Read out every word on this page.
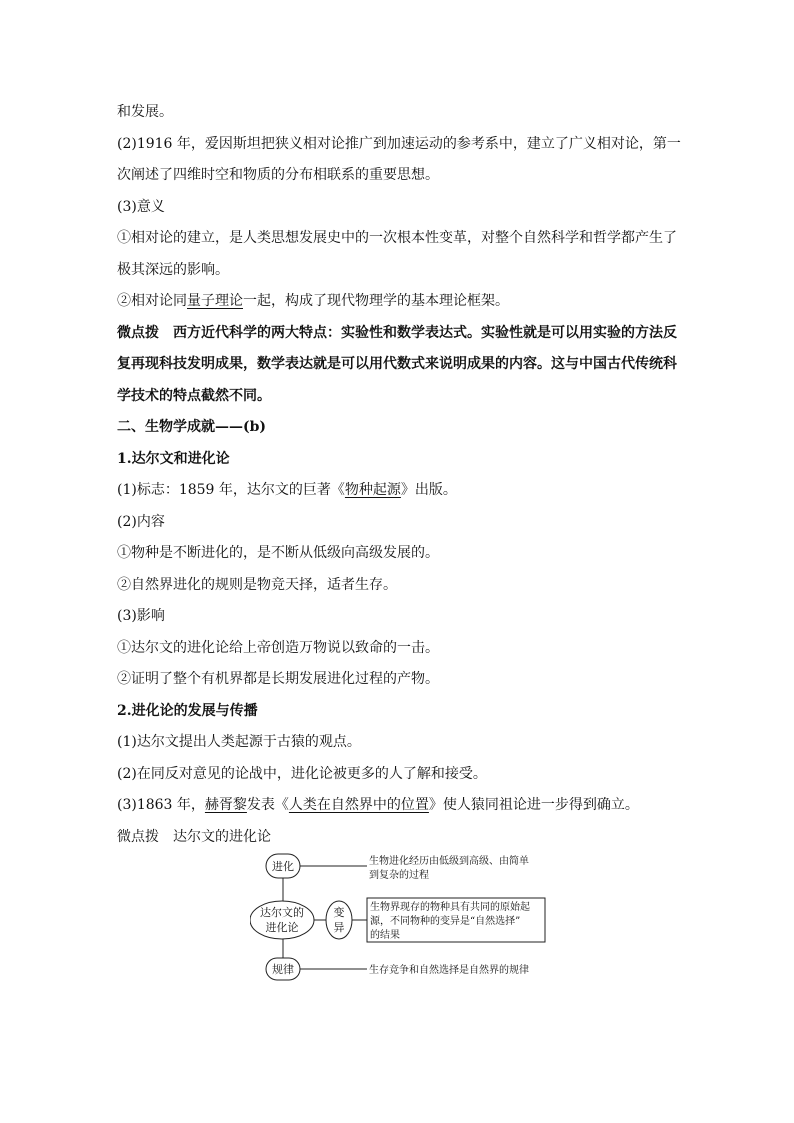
和发展。

(2)1916 年，爱因斯坦把狭义相对论推广到加速运动的参考系中，建立了广义相对论，第一次阐述了四维时空和物质的分布相联系的重要思想。

(3)意义

①相对论的建立，是人类思想发展史中的一次根本性变革，对整个自然科学和哲学都产生了极其深远的影响。

②相对论同量子理论一起，构成了现代物理学的基本理论框架。

微点拨 西方近代科学的两大特点：实验性和数学表达式。实验性就是可以用实验的方法反复再现科技发明成果，数学表达就是可以用代数式来说明成果的内容。这与中国古代传统科学技术的特点截然不同。

二、生物学成就——(b)

1.达尔文和进化论

(1)标志：1859 年，达尔文的巨著《物种起源》出版。

(2)内容

①物种是不断进化的，是不断从低级向高级发展的。

②自然界进化的规则是物竞天择，适者生存。

(3)影响

①达尔文的进化论给上帝创造万物说以致命的一击。

②证明了整个有机界都是长期发展进化过程的产物。

2.进化论的发展与传播

(1)达尔文提出人类起源于古猿的观点。

(2)在同反对意见的论战中，进化论被更多的人了解和接受。

(3)1863 年，赫胥黎发表《人类在自然界中的位置》使人猿同祖论进一步得到确立。

微点拨 达尔文的进化论

进化
达尔文的
进化论
变
异
规律
生物进化经历由低级到高级、由简单
到复杂的过程
生物界现存的物种具有共同的原始起
源，不同物种的变异是“自然选择”
的结果
生存竞争和自然选择是自然界的规律
